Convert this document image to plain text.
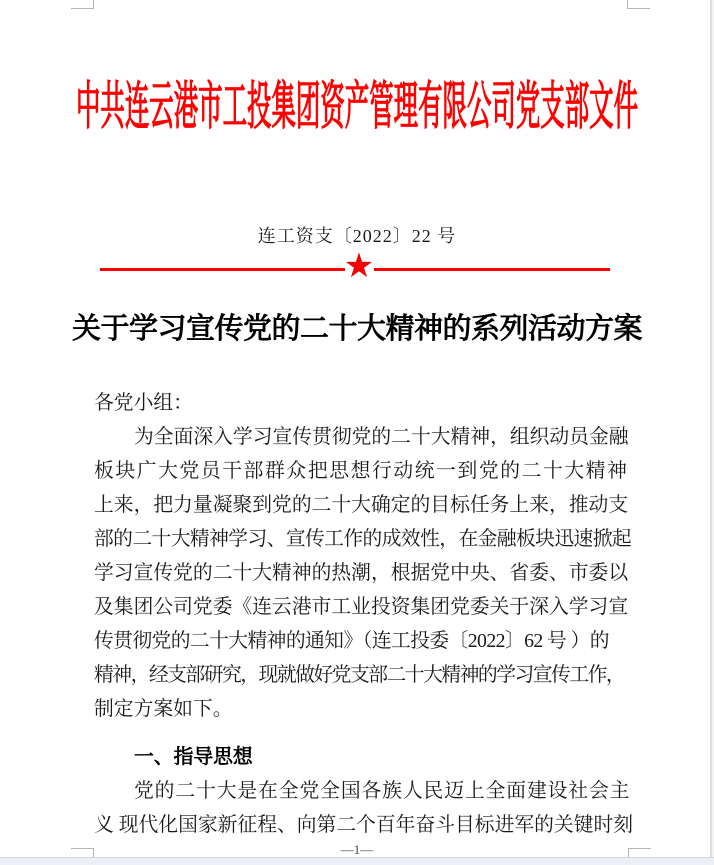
中共连云港市工投集团资产管理有限公司党支部文件
连工资支〔2022〕22 号
★
关于学习宣传党的二十大精神的系列活动方案
各党小组：
为全面深入学习宣传贯彻党的二十大精神，组织动员金融
板块广大党员干部群众把思想行动统一到党的二十大精神
上来，把力量凝聚到党的二十大确定的目标任务上来，推动支
部的二十大精神学习、宣传工作的成效性，在金融板块迅速掀起
学习宣传党的二十大精神的热潮，根据党中央、省委、市委以
及集团公司党委《连云港市工业投资集团党委关于深入学习宣
传贯彻党的二十大精神的通知》（连工投委〔2022〕62 号 ）的
精神，经支部研究，现就做好党支部二十大精神的学习宣传工作，
制定方案如下。
一、指导思想
党的二十大是在全党全国各族人民迈上全面建设社会主
义 现代化国家新征程、向第二个百年奋斗目标进军的关键时刻
—1—
